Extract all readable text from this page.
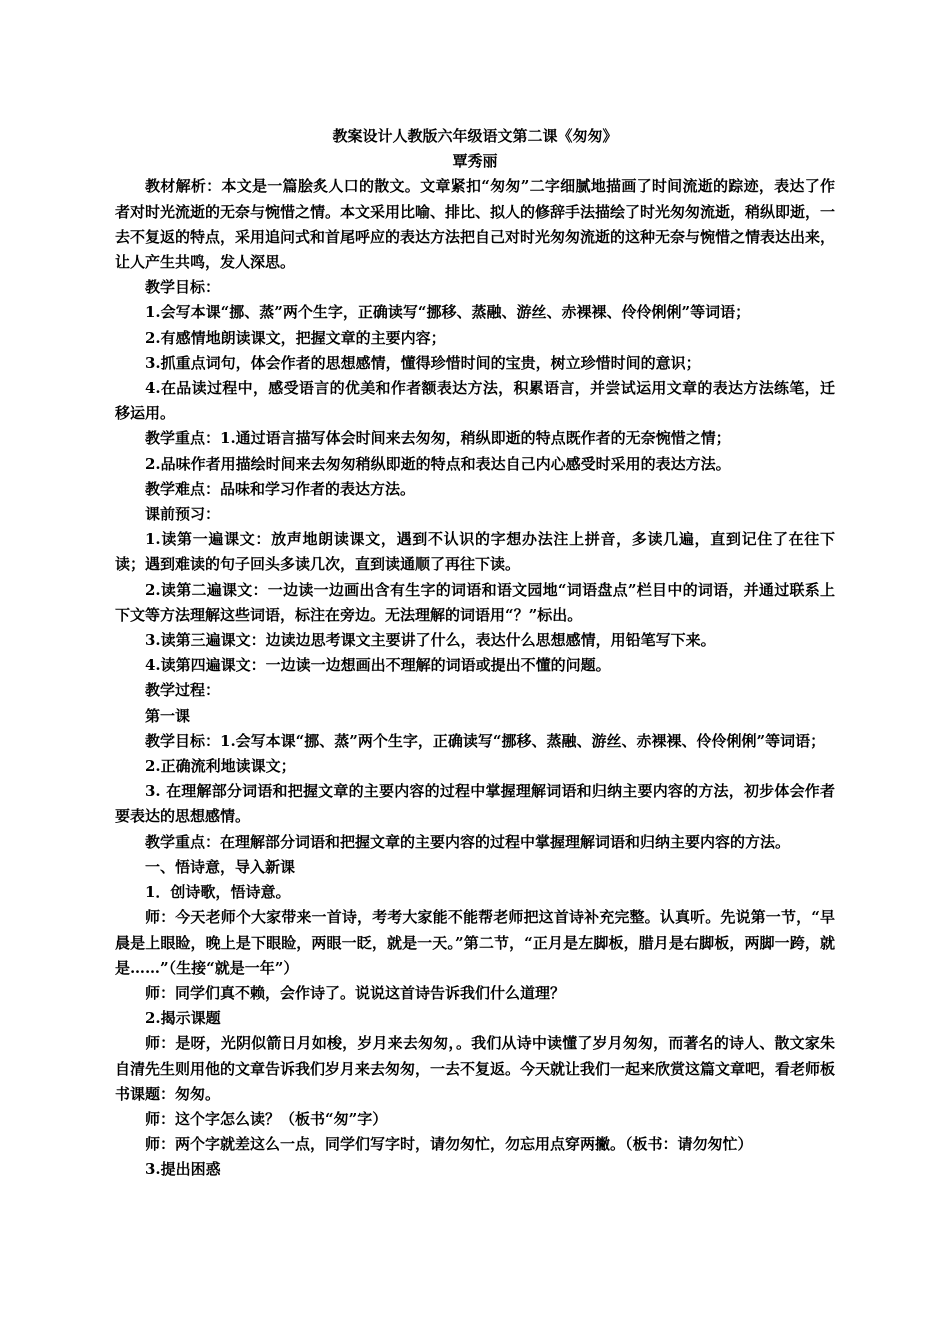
教案设计人教版六年级语文第二课《匆匆》
覃秀丽

教材解析：本文是一篇脍炙人口的散文。文章紧扣“匆匆”二字细腻地描画了时间流逝的踪迹，表达了作者对时光流逝的无奈与惋惜之情。本文采用比喻、排比、拟人的修辞手法描绘了时光匆匆流逝，稍纵即逝，一去不复返的特点，采用追问式和首尾呼应的表达方法把自己对时光匆匆流逝的这种无奈与惋惜之情表达出来，让人产生共鸣，发人深思。

教学目标：

1.会写本课“挪、蒸”两个生字，正确读写“挪移、蒸融、游丝、赤裸裸、伶伶俐俐”等词语；

2.有感情地朗读课文，把握文章的主要内容；

3.抓重点词句，体会作者的思想感情，懂得珍惜时间的宝贵，树立珍惜时间的意识；

4.在品读过程中，感受语言的优美和作者额表达方法，积累语言，并尝试运用文章的表达方法练笔，迁移运用。

教学重点：1.通过语言描写体会时间来去匆匆，稍纵即逝的特点既作者的无奈惋惜之情；

2.品味作者用描绘时间来去匆匆稍纵即逝的特点和表达自己内心感受时采用的表达方法。

教学难点：品味和学习作者的表达方法。

课前预习：

1.读第一遍课文：放声地朗读课文，遇到不认识的字想办法注上拼音，多读几遍，直到记住了在往下读；遇到难读的句子回头多读几次，直到读通顺了再往下读。

2.读第二遍课文：一边读一边画出含有生字的词语和语文园地“词语盘点”栏目中的词语，并通过联系上下文等方法理解这些词语，标注在旁边。无法理解的词语用“？”标出。

3.读第三遍课文：边读边思考课文主要讲了什么，表达什么思想感情，用铅笔写下来。

4.读第四遍课文：一边读一边想画出不理解的词语或提出不懂的问题。

教学过程：

第一课

教学目标：1.会写本课“挪、蒸”两个生字，正确读写“挪移、蒸融、游丝、赤裸裸、伶伶俐俐”等词语；

2.正确流利地读课文；

3. 在理解部分词语和把握文章的主要内容的过程中掌握理解词语和归纳主要内容的方法，初步体会作者要表达的思想感情。

教学重点：在理解部分词语和把握文章的主要内容的过程中掌握理解词语和归纳主要内容的方法。

一、悟诗意，导入新课

1．创诗歌，悟诗意。

师：今天老师个大家带来一首诗，考考大家能不能帮老师把这首诗补充完整。认真听。先说第一节，“早晨是上眼睑，晚上是下眼睑，两眼一眨，就是一天。”第二节，“正月是左脚板，腊月是右脚板，两脚一跨，就是……”（生接“就是一年”）

师：同学们真不赖，会作诗了。说说这首诗告诉我们什么道理？

2.揭示课题

师：是呀，光阴似箭日月如梭，岁月来去匆匆，。我们从诗中读懂了岁月匆匆，而著名的诗人、散文家朱自清先生则用他的文章告诉我们岁月来去匆匆，一去不复返。今天就让我们一起来欣赏这篇文章吧，看老师板书课题：匆匆。

师：这个字怎么读？（板书“匆”字）

师：两个字就差这么一点，同学们写字时，请勿匆忙，勿忘用点穿两撇。（板书：请勿匆忙）

3.提出困惑
